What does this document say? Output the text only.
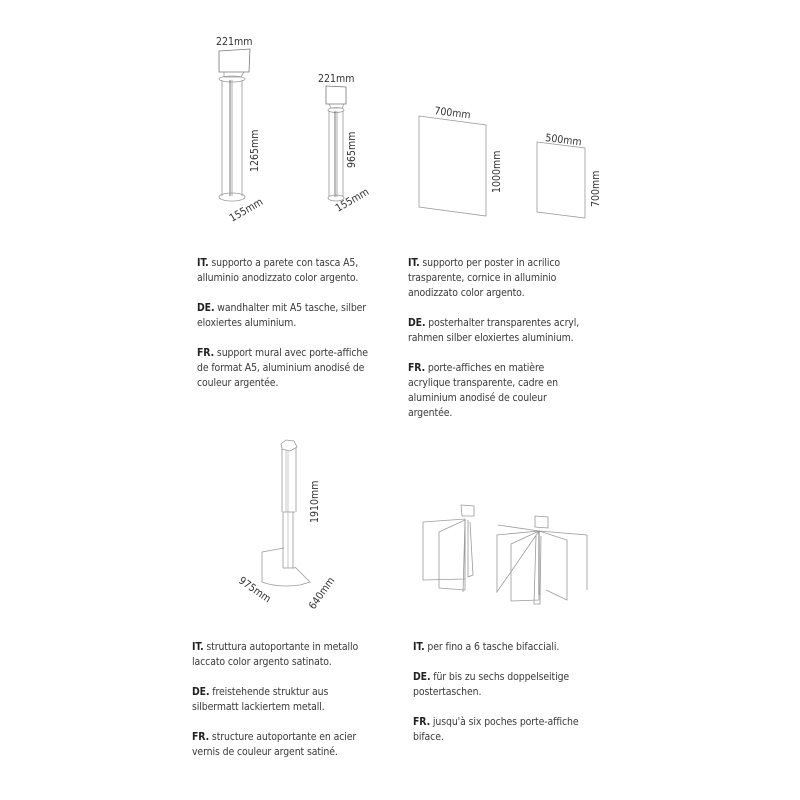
221mm
1265mm
155mm
221mm
965mm
155mm
700mm
1000mm
500mm
700mm
1910mm
975mm	640mm

IT. supporto a parete con tasca A5, alluminio anodizzato color argento.

DE. wandhalter mit A5 tasche, silber eloxiertes aluminium.

FR. support mural avec porte-affiche de format A5, aluminium anodisé de couleur argentée.

IT. supporto per poster in acrilico trasparente, cornice in alluminio anodizzato color argento.

DE. posterhalter transparentes acryl, rahmen silber eloxiertes aluminium.

FR. porte-affiches en matière acrylique transparente, cadre en aluminium anodisé de couleur argentée.

IT. struttura autoportante in metallo laccato color argento satinato.

DE. freistehende struktur aus silbermatt lackiertem metall.

FR. structure autoportante en acier vernis de couleur argent satiné.

IT. per fino a 6 tasche bifacciali.

DE. für bis zu sechs doppelseitige postertaschen.

FR. jusqu'à six poches porte-affiche biface.
